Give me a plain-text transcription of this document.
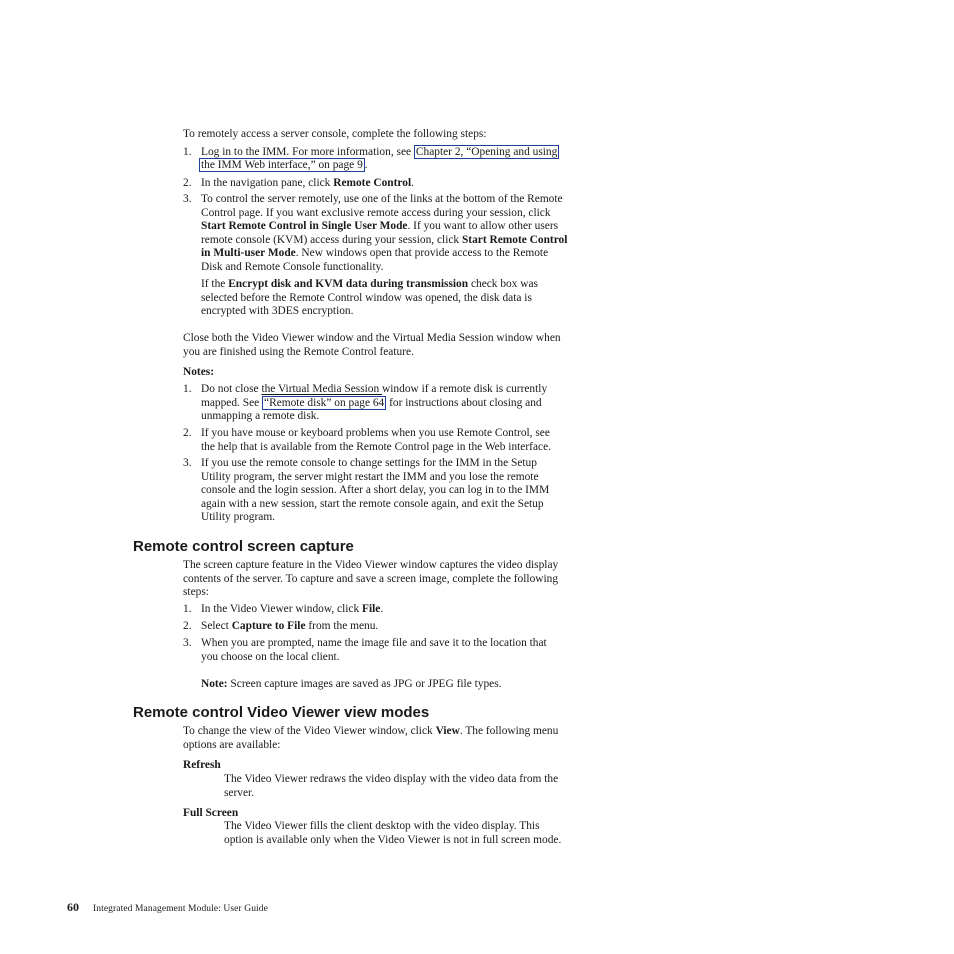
To remotely access a server console, complete the following steps:

1. Log in to the IMM. For more information, see Chapter 2, “Opening and using
the IMM Web interface,” on page 9 .
2. In the navigation pane, click Remote Control.
3. To control the server remotely, use one of the links at the bottom of the Remote

Control page. If you want exclusive remote access during your session, click

Start Remote Control in Single User Mode. If you want to allow other users

remote console (KVM) access during your session, click Start Remote Control

in Multi-user Mode. New windows open that provide access to the Remote

Disk and Remote Console functionality.

If the Encrypt disk and KVM data during transmission check box was

selected before the Remote Control window was opened, the disk data is

encrypted with 3DES encryption.

Close both the Video Viewer window and the Virtual Media Session window when

you are finished using the Remote Control feature.

Notes:

1. Do not close the Virtual Media Session window if a remote disk is currently

mapped. See “Remote disk” on page 64 for instructions about closing and

unmapping a remote disk.

2. If you have mouse or keyboard problems when you use Remote Control, see

the help that is available from the Remote Control page in the Web interface.

3. If you use the remote console to change settings for the IMM in the Setup

Utility program, the server might restart the IMM and you lose the remote

console and the login session. After a short delay, you can log in to the IMM

again with a new session, start the remote console again, and exit the Setup

Utility program.

Remote control screen capture

The screen capture feature in the Video Viewer window captures the video display

contents of the server. To capture and save a screen image, complete the following

steps:

1. In the Video Viewer window, click File.
2. Select Capture to File from the menu.
3. When you are prompted, name the image file and save it to the location that

you choose on the local client.

Note: Screen capture images are saved as JPG or JPEG file types.
Remote control Video Viewer view modes

To change the view of the Video Viewer window, click View. The following menu

options are available:

Refresh

The Video Viewer redraws the video display with the video data from the

server.

Full Screen

The Video Viewer fills the client desktop with the video display. This

option is available only when the Video Viewer is not in full screen mode.

60 Integrated Management Module: User Guide
